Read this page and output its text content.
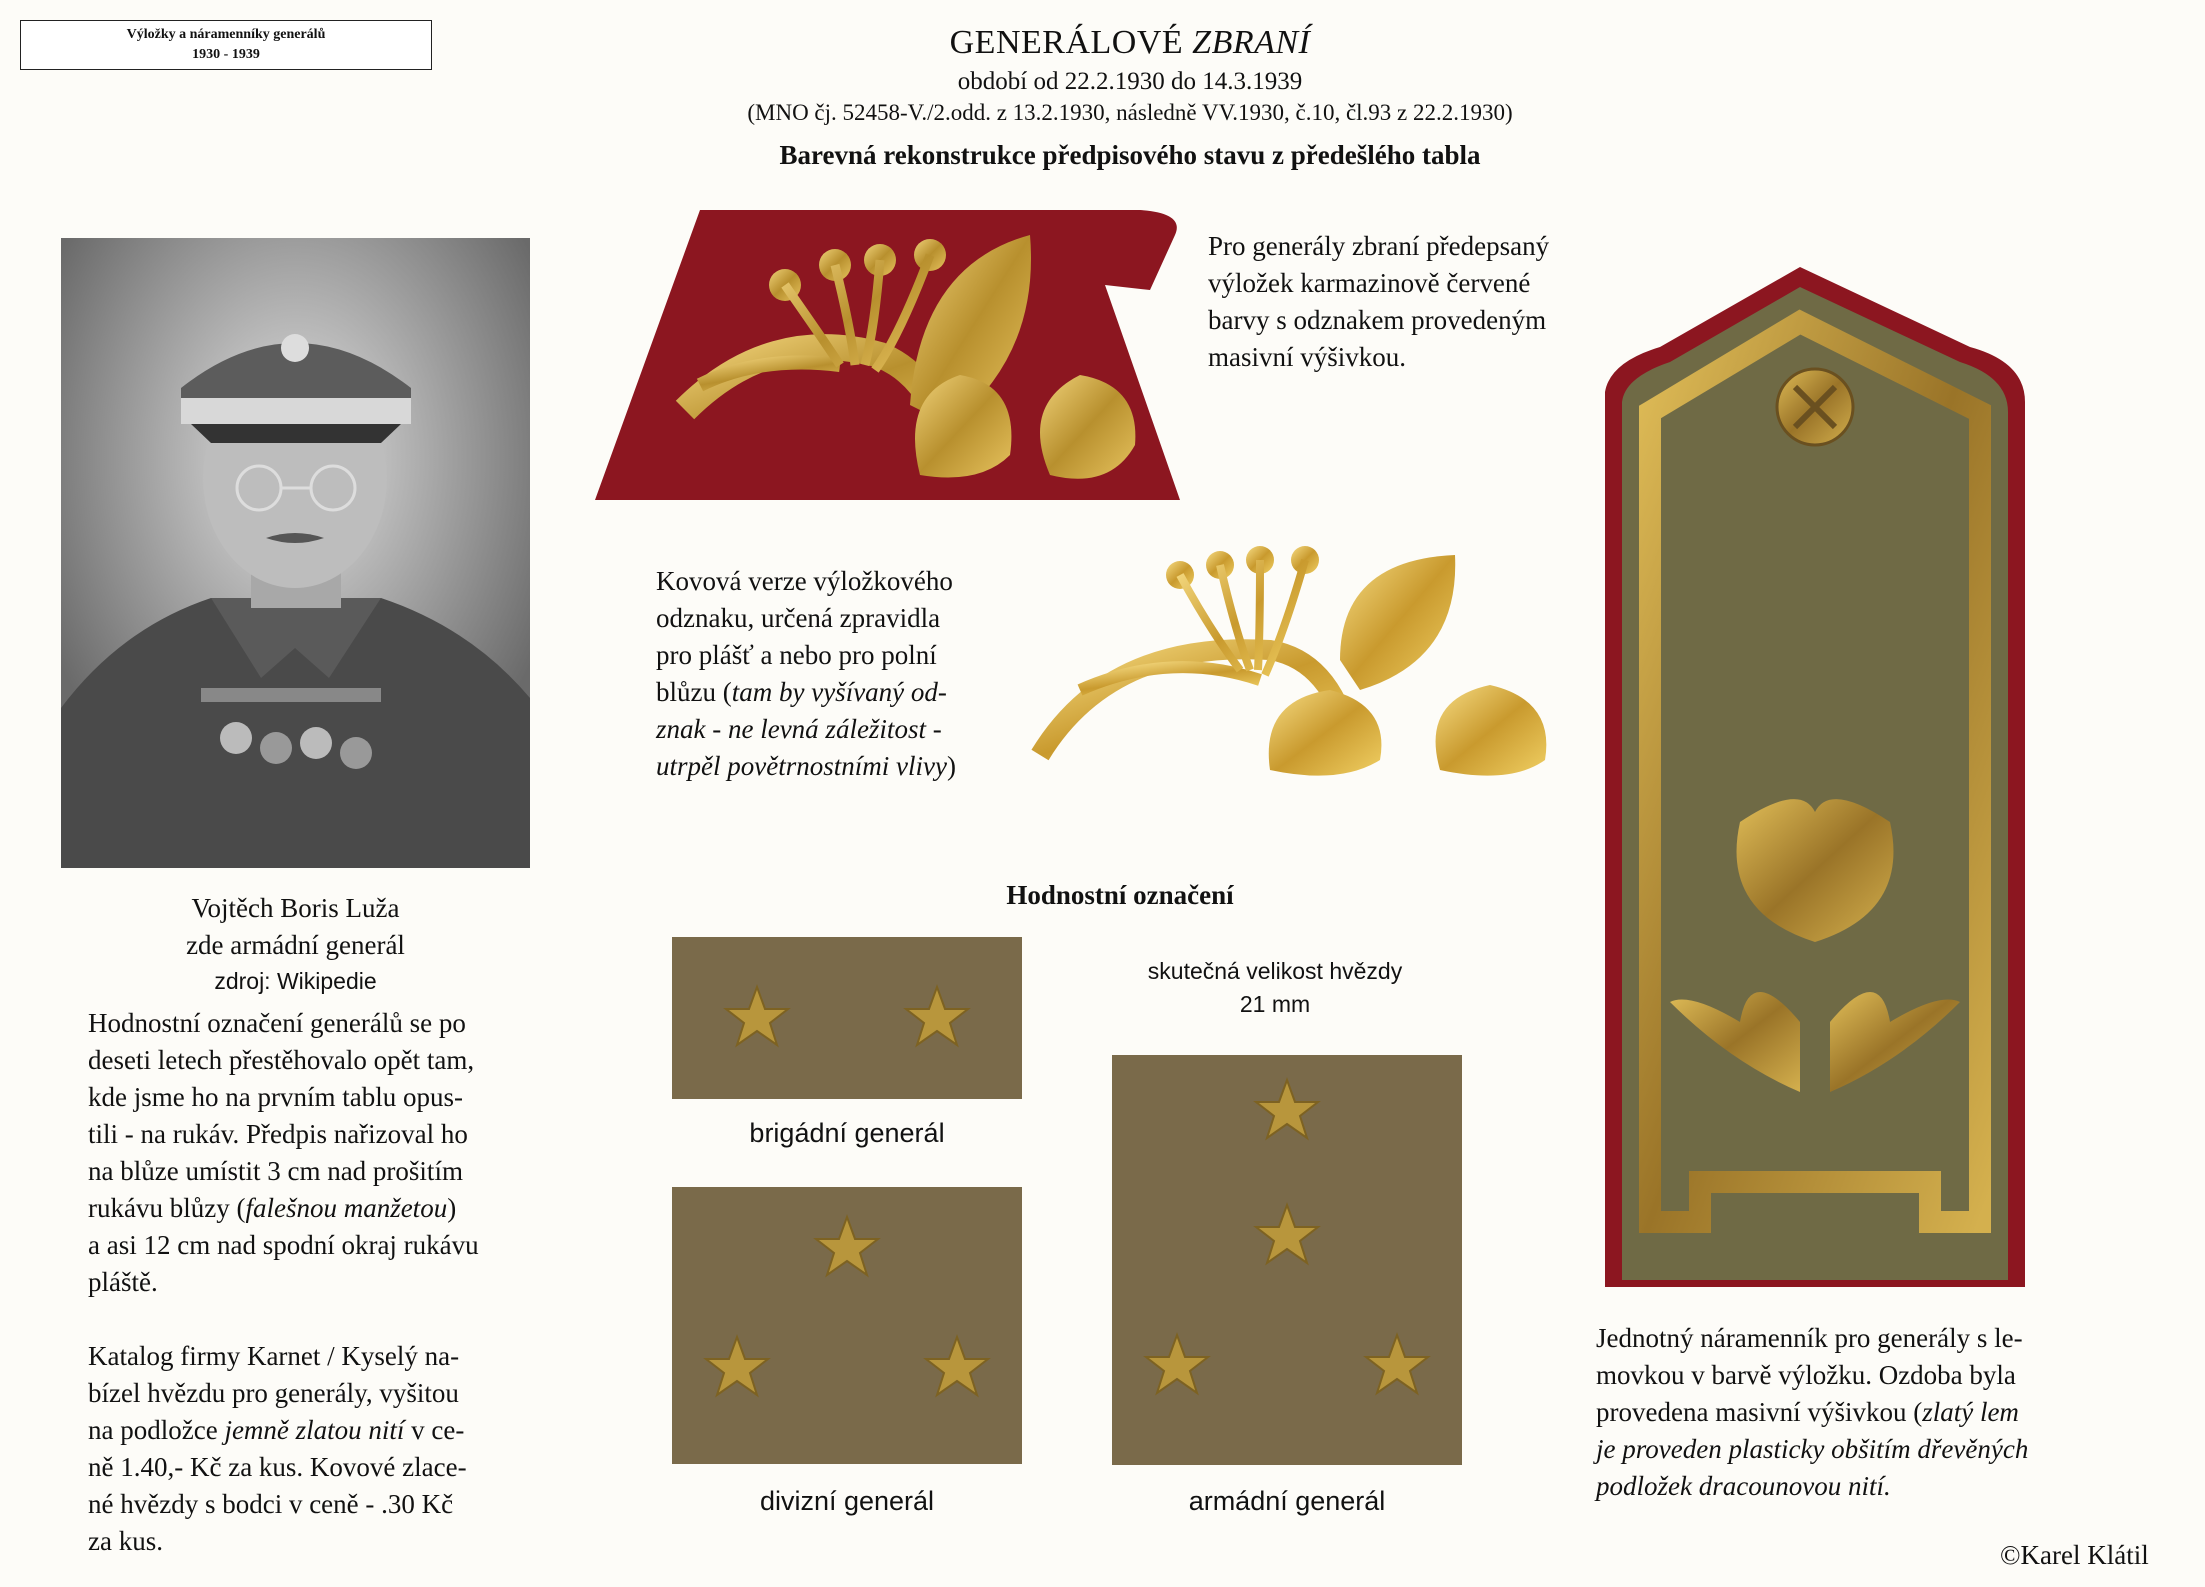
Výložky a náramenníky generálů
1930 - 1939	GENERÁLOVÉ ZBRANÍ
období od 22.2.1930 do 14.3.1939
(MNO čj. 52458-V./2.odd. z 13.2.1930, následně VV.1930, č.10, čl.93 z 22.2.1930)
Barevná rekonstrukce předpisového stavu z předešlého tabla
Vojtěch Boris Luža
zde armádní generál
zdroj: Wikipedie
Hodnostní označení generálů se po
deseti letech přestěhovalo opět tam,
kde jsme ho na prvním tablu opus-
tili - na rukáv. Předpis nařizoval ho
na blůze umístit 3 cm nad prošitím
rukávu blůzy (falešnou manžetou)
a asi 12 cm nad spodní okraj rukávu
pláště.
Katalog firmy Karnet / Kyselý na-
bízel hvězdu pro generály, vyšitou
na podložce jemně zlatou nití v ce-
ně 1.40,- Kč za kus. Kovové zlace-
né hvězdy s bodci v ceně - .30 Kč
za kus.
Pro generály zbraní předepsaný
výložek karmazinově červené
barvy s odznakem provedeným
masivní výšivkou.
Kovová verze výložkového
odznaku, určená zpravidla
pro plášť a nebo pro polní
blůzu (tam by vyšívaný od-
znak - ne levná záležitost -
utrpěl povětrnostními vlivy)
Hodnostní označení
skutečná velikost hvězdy
21 mm
brigádní generál
divizní generál	armádní generál
Jednotný náramenník pro generály s le-
movkou v barvě výložku. Ozdoba byla
provedena masivní výšivkou (zlatý lem
je proveden plasticky obšitím dřevěných
podložek dracounovou nití.
©Karel Klátil
